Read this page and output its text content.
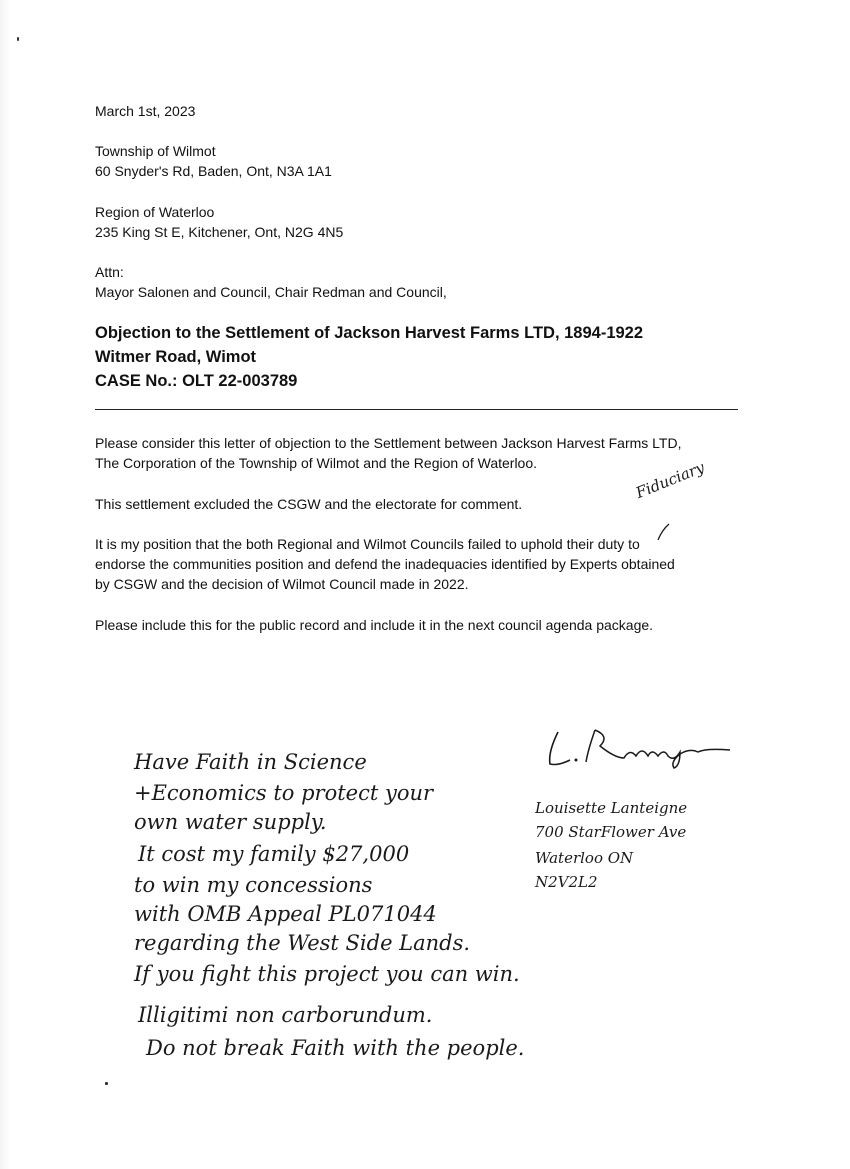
March 1st, 2023
Township of Wilmot
60 Snyder's Rd, Baden, Ont, N3A 1A1
Region of Waterloo
235 King St E, Kitchener, Ont, N2G 4N5
Attn:
Mayor Salonen and Council, Chair Redman and Council,
Objection to the Settlement of Jackson Harvest Farms LTD, 1894-1922
Witmer Road, Wimot
CASE No.: OLT 22-003789
Please consider this letter of objection to the Settlement between Jackson Harvest Farms LTD,
The Corporation of the Township of Wilmot and the Region of Waterloo.
This settlement excluded the CSGW and the electorate for comment.
It is my position that the both Regional and Wilmot Councils failed to uphold their duty to
endorse the communities position and defend the inadequacies identified by Experts obtained
by CSGW and the decision of Wilmot Council made in 2022.
Please include this for the public record and include it in the next council agenda package.
Fiduciary
Louisette Lanteigne
700 StarFlower Ave
Waterloo ON
N2V2L2
Have Faith in Science
+Economics to protect your
own water supply.
It cost my family $27,000
to win my concessions
with OMB Appeal PL071044
regarding the West Side Lands.
If you fight this project you can win.
Illigitimi non carborundum.
Do not break Faith with the people.
